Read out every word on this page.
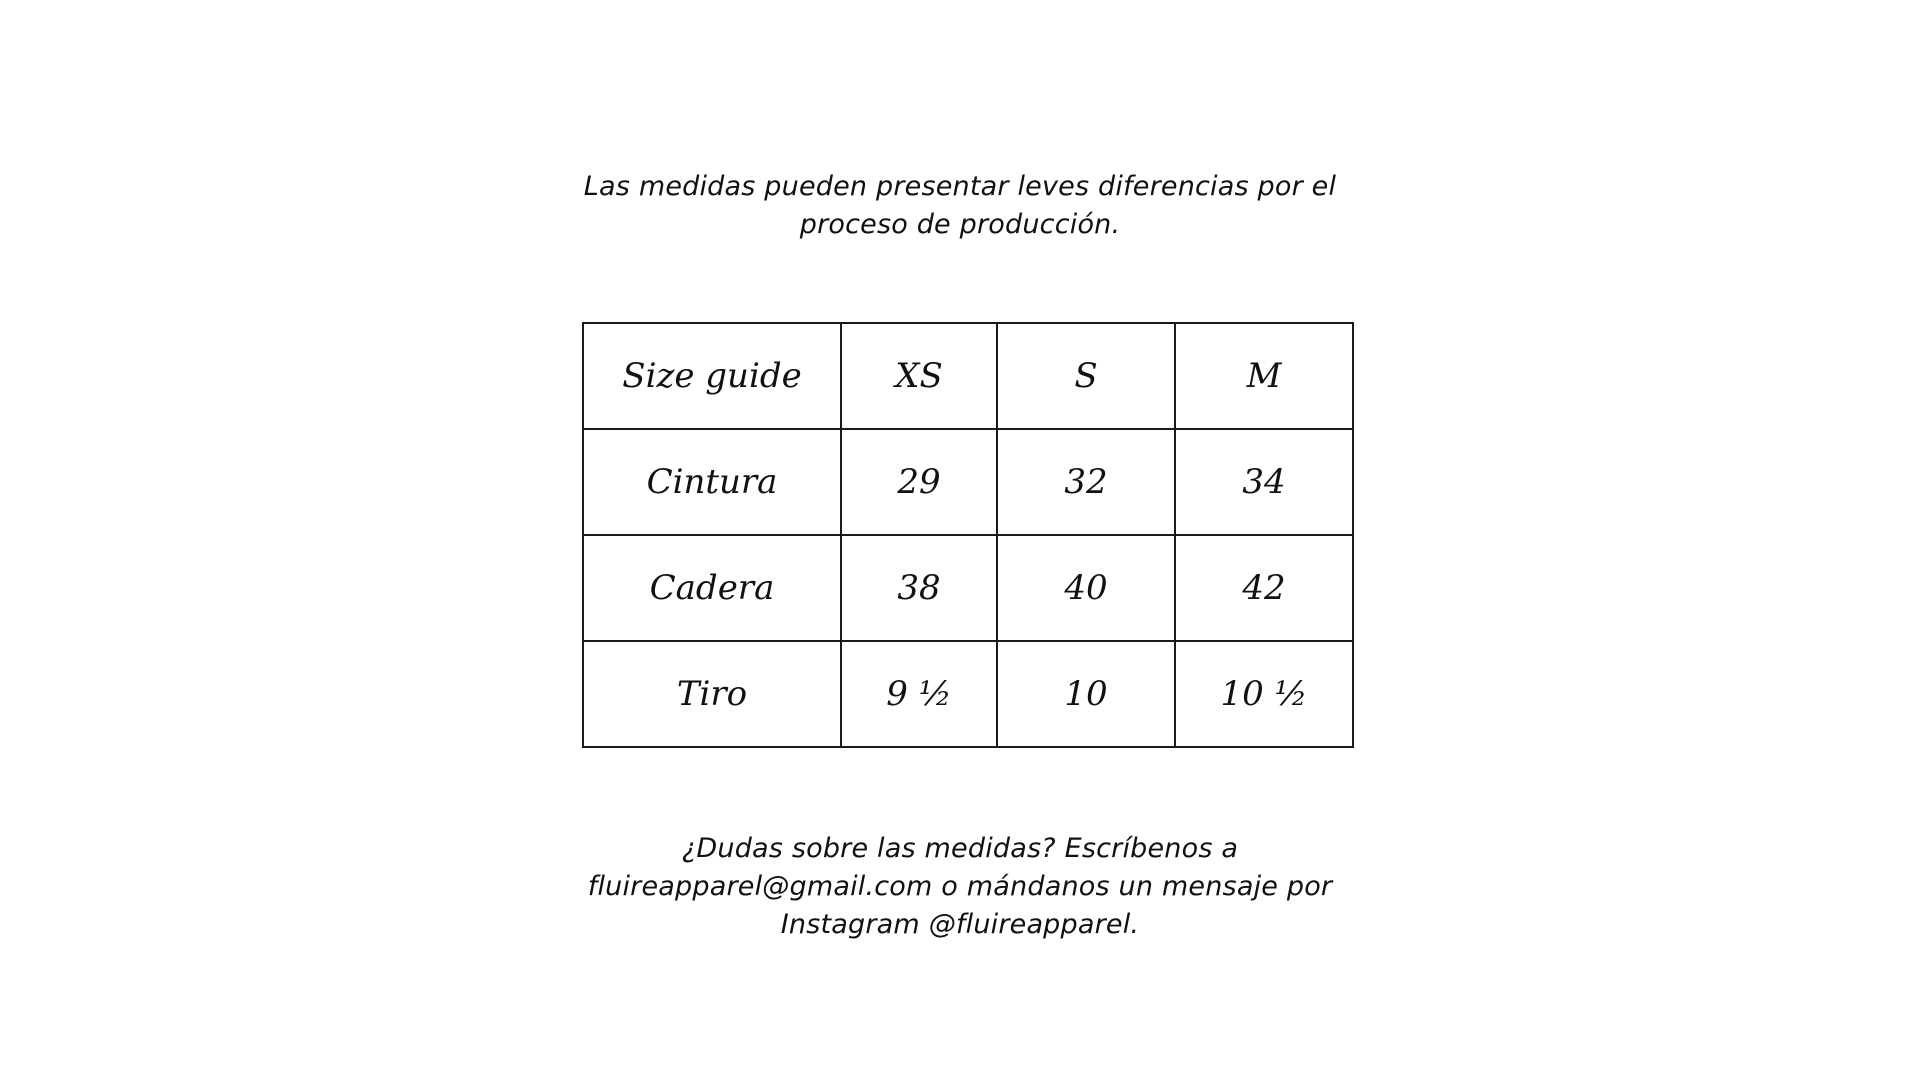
Las medidas pueden presentar leves diferencias por el
proceso de producción.
Size guide	XS	S	M
Cintura	29	32	34
Cadera	38	40	42
Tiro	9 ½	10	10 ½
¿Dudas sobre las medidas? Escríbenos a
fluireapparel@gmail.com o mándanos un mensaje por
Instagram @fluireapparel.
